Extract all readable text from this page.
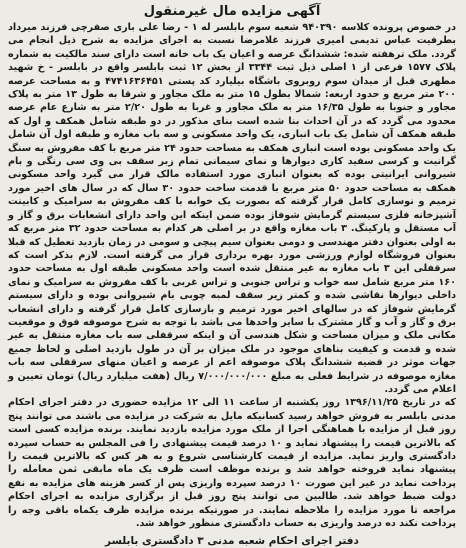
آگهی مزایده مال غیرمنقول

در خصوص پرونده کلاسه ۹۴۰۳۹۰ شعبه سوم بابلسر له ۱ - رضا علی باری صفرچی فرزند میرداد بطرفیت عباس تدیمی امیری فرزند غلامرضا نسبت به اجرای مزایده به شرح ذیل انجام می گردد. ملک ترهفته شده: ششدانگ عرصه و اعیان یک باب خانه است دارای سند مالکیت به شماره پلاک ۱۵۷۷ فرعی از ۱ اصلی ذیل ثبت ۳۳۴۴ از بخش ۱۲ ثبت بابلسر واقع در بابلسر - خ شهید مطهری قبل از میدان سوم روبروی باشگاه بیلیارد کد پستی ۴۷۴۱۶۳۶۴۵۱ و به مساحت عرصه ۲۰۰ متر مربع و حدود اربعه: شمالا بطول ۱۵ متر به ملک مجاور و شرقا به طول ۱۳ متر به پلاک مجاور و جنوبا به طول ۱۶/۳۵ متر به ملک مجاور و غربا به طول ۲/۲۰ متر به شارع عام عرصه محدود می گردد که در آن احداث بنا شده است بنای مذکور در دو طبقه شامل همکف و اول که طبقه همکف آن شامل یک باب انباری، یک واحد مسکونی و سه باب مغازه و طبقه اول آن شامل یک واحد مسکونی بوده است انباری همکف به مساحت حدود ۲۴ متر مربع با کف مفروش به سنگ گرانیت و کرسی سفید کاری دیوارها و نمای سیمانی تمام زبر سقف بی وی سی رنگی و بام شیروانی ایرانیتی بوده که بعنوان انباری مورد استفاده مالک قرار می گیرد واحد مسکونی همکف به مساحت حدود ۵۰ متر مربع با قدمت ساخت حدود ۳۰ سال که در سال های اخیر مورد ترمیم و نوسازی کامل قرار گرفته که بصورت یک خوابه با کف مفروش به سرامیک و کابینت آشپزخانه فلزی سیستم گرمایش شوفاژ بوده ضمن اینکه این واحد دارای انشعابات برق و گاز و آب مستقل و پارکینگ. ۳ باب مغازه واقع در بر اصلی هر کدام به مساحت حدود ۳۲ متر مربع که به اولی بعنوان دفتر مهندسی و دومی بعنوان سیم پیچی و سومی در زمان بازدید تعطیل که قبلا بعنوان فروشگاه لوازم ورزشی مورد بهره برداری قرار می گرفته است. لازم بذکر است که سرقفلی این ۳ باب مغازه به غیر منتقل شده است واحد مسکونی طبقه اول به مساحت حدود ۱۶۰ متر مربع شامل سه خواب و تراس جنوبی و تراس غربی با کف مفروش به سرامیک و نمای داخلی دیوارها نقاشی شده و کمتر زیر سقف لمبه چوبی بام شیروانی بوده و دارای سیستم گرمایش شوفاژ که در سالهای اخیر مورد ترمیم و بازسازی کامل قرار گرفته و دارای انشعاب برق و گاز و آب و گاز مشترک با سایر واحدها می باشد با توجه به شرح موصوفه فوق و موقعیت مکانی ملک و میزان مساحت و شکل هندسی آن و اینکه سرقفلی سه باب مغازه منتقل به غیر شده و قدمت و کیفیت بناهای موجود در ملک میزان بر آن در طول بازدید اصلی و لحاظ جمیع جهات موثر در قضیه ششدانگ پلاک موصوفه اعم از عرصه و اعیان منهای سرقفلی سه باب مغازه موصوفه در شرایط فعلی به مبلغ ۷/۰۰۰/۰۰۰/۰۰۰ ریال (هفت میلیارد ریال) تومان تعیین و اعلام می گردد.

که در تاریخ ۱۳۹۶/۱۱/۲۵ روز یکشنبه از ساعت ۱۱ الی ۱۲ مزایده حضوری در دفتر اجرای احکام مدنی بابلسر به فروش خواهد رسید کسانیکه مایل به شرکت در مزایده می باشند می توانند پنج روز قبل از مزایده با هماهنگی اجرا از ملک مورد مزایده بازدید نمایند. برنده مزایده کسی است که بالاترین قیمت را پیشنهاد نماید و ۱۰ درصد قیمت پیشنهادی را فی المجلس به حساب سپرده دادگستری واریز نماید. مزایده از قیمت کارشناسی شروع و به هر کس که بالاترین قیمت را پیشنهاد نماید فروخته خواهد شد و برنده موظف است ظرف یک ماه مابقی ثمن معامله را پرداخت نماید در غیر این صورت ۱۰ درصد سپرده واریزی پس از کسر هزینه های مزایده به نفع دولت ضبط خواهد شد. طالبین می توانند پنج روز قبل از برگزاری مزایده به اجرای احکام مراجعه تا مورد مزایده را ملاحظه نمایند. در صورتیکه برنده مزایده ظرف یکماه باقی وجه را پرداخت نکند ده درصد واریزی به حساب دادگستری منظور خواهد شد.

دفتر اجرای احکام شعبه مدنی ۳ دادگستری بابلسر
